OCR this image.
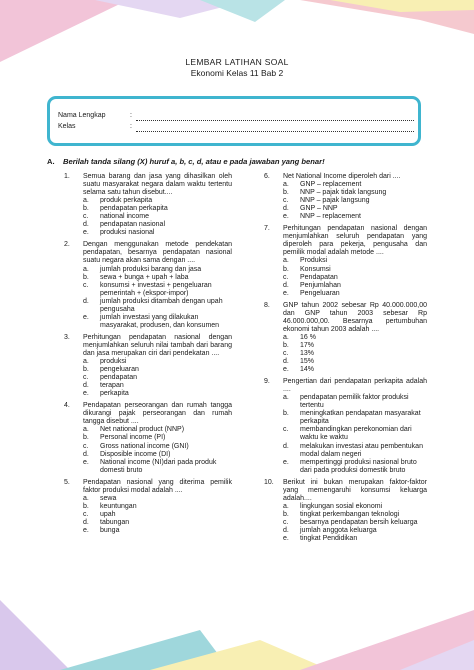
LEMBAR LATIHAN SOAL
Ekonomi Kelas 11 Bab 2
Nama Lengkap	:
Kelas	:
A. Berilah tanda silang (X) huruf a, b, c, d, atau e pada jawaban yang benar!
1. Semua barang dan jasa yang dihasilkan oleh suatu masyarakat negara dalam waktu tertentu selama satu tahun disebut....
a. produk perkapita
b. pendapatan perkapita
c. national income
d. pendapatan nasional
e. produksi nasional
2. Dengan menggunakan metode pendekatan pendapatan, besarnya pendapatan nasional suatu negara akan sama dengan ....
a. jumlah produksi barang dan jasa
b. sewa + bunga + upah + laba
c. konsumsi + investasi + pengeluaran pemerintah + (ekspor-impor)
d. jumlah produksi ditambah dengan upah pengusaha
e. jumlah investasi yang dilakukan masyarakat, produsen, dan konsumen
3. Perhitungan pendapatan nasional dengan menjumlahkan seluruh nilai tambah dari barang dan jasa merupakan ciri dari pendekatan ....
a. produksi
b. pengeluaran
c. pendapatan
d. terapan
e. perkapita
4. Pendapatan perseorangan dan rumah tangga dikurangi pajak perseorangan dan rumah tangga disebut ....
a. Net national product (NNP)
b. Personal income (PI)
c. Gross national income (GNI)
d. Disposible income (DI)
e. National income (NI)dari pada produk domesti bruto
5. Pendapatan nasional yang diterima pemilik faktor produksi modal adalah ....
a. sewa
b. keuntungan
c. upah
d. tabungan
e. bunga
6. Net National Income diperoleh dari ....
a. GNP – replacement
b. NNP – pajak tidak langsung
c. NNP – pajak langsung
d. GNP – NNP
e. NNP – replacement
7. Perhitungan pendapatan nasional dengan menjumlahkan seluruh pendapatan yang diperoleh para pekerja, pengusaha dan pemilik modal adalah metode ....
a. Produksi
b. Konsumsi
c. Pendapatan
d. Penjumlahan
e. Pengeluaran
8. GNP tahun 2002 sebesar Rp 40.000.000,00 dan GNP tahun 2003 sebesar Rp 46.000.000,00. Besarnya pertumbuhan ekonomi tahun 2003 adalah ....
a. 16 %
b. 17%
c. 13%
d. 15%
e. 14%
9. Pengertian dari pendapatan perkapita adalah ....
a. pendapatan pemilik faktor produksi tertentu
b. meningkatkan pendapatan masyarakat perkapita
c. membandingkan perekonomian dari waktu ke waktu
d. melakukan investasi atau pembentukan modal dalam negeri
e. mempertinggi produksi nasional bruto dari pada produksi domestik bruto
10. Berikut ini bukan merupakan faktor-faktor yang memengaruhi konsumsi keluarga adalah....
a. lingkungan sosial ekonomi
b. tingkat perkembangan teknologi
c. besarnya pendapatan bersih keluarga
d. jumlah anggota keluarga
e. tingkat Pendidikan
